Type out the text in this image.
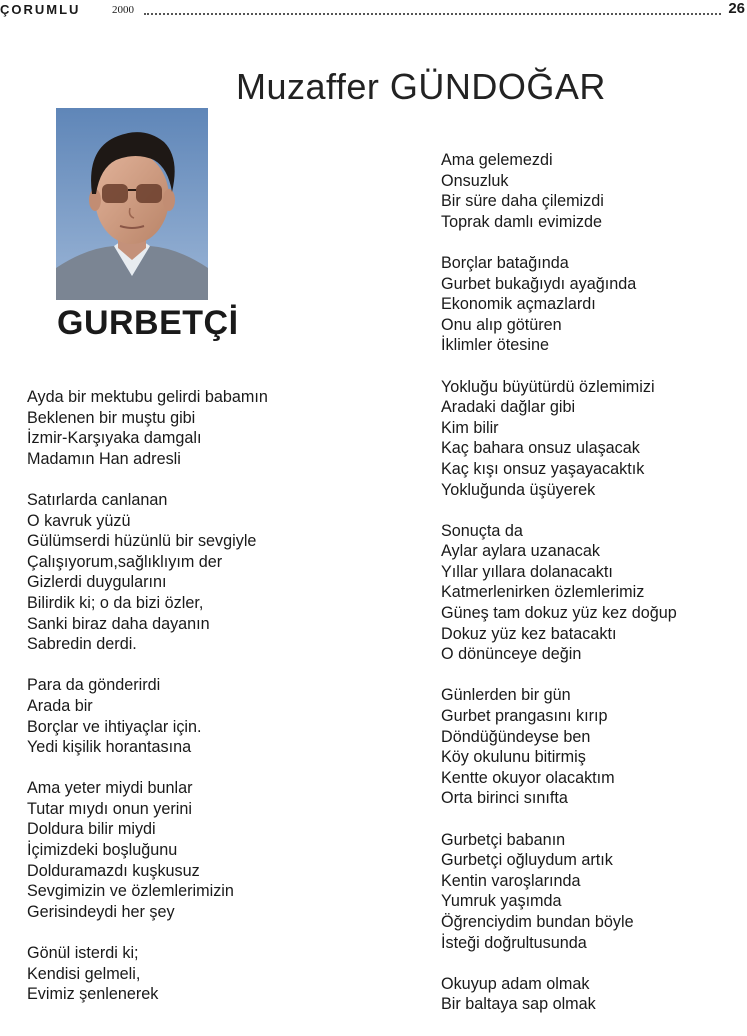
ÇORUMLU	2000	26
Muzaffer GÜNDOĞAR
GURBETÇİ
Ayda bir mektubu gelirdi babamın
Beklenen bir muştu gibi
İzmir-Karşıyaka damgalı
Madamın Han adresli
Satırlarda canlanan
O kavruk yüzü
Gülümserdi hüzünlü bir sevgiyle
Çalışıyorum,sağlıklıyım der
Gizlerdi duygularını
Bilirdik ki; o da bizi özler,
Sanki biraz daha dayanın
Sabredin derdi.
Para da gönderirdi
Arada bir
Borçlar ve ihtiyaçlar için.
Yedi kişilik horantasına
Ama yeter miydi bunlar
Tutar mıydı onun yerini
Doldura bilir miydi
İçimizdeki boşluğunu
Dolduramazdı kuşkusuz
Sevgimizin ve özlemlerimizin
Gerisindeydi her şey
Gönül isterdi ki;
Kendisi gelmeli,
Evimiz şenlenerek
Ama gelemezdi
Onsuzluk
Bir süre daha çilemizdi
Toprak damlı evimizde
Borçlar batağında
Gurbet bukağıydı ayağında
Ekonomik açmazlardı
Onu alıp götüren
İklimler ötesine
Yokluğu büyütürdü özlemimizi
Aradaki dağlar gibi
Kim bilir
Kaç bahara onsuz ulaşacak
Kaç kışı onsuz yaşayacaktık
Yokluğunda üşüyerek
Sonuçta da
Aylar aylara uzanacak
Yıllar yıllara dolanacaktı
Katmerlenirken özlemlerimiz
Güneş tam dokuz yüz kez doğup
Dokuz yüz kez batacaktı
O dönünceye değin
Günlerden bir gün
Gurbet prangasını kırıp
Döndüğündeyse ben
Köy okulunu bitirmiş
Kentte okuyor olacaktım
Orta birinci sınıfta
Gurbetçi babanın
Gurbetçi oğluydum artık
Kentin varoşlarında
Yumruk yaşımda
Öğrenciydim bundan böyle
İsteği doğrultusunda
Okuyup adam olmak
Bir baltaya sap olmak
